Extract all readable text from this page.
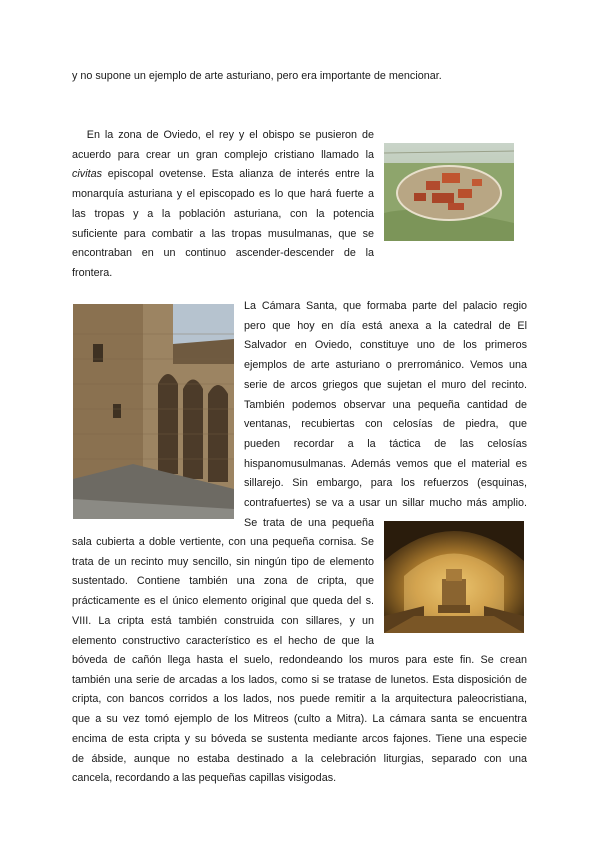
y no supone un ejemplo de arte asturiano, pero era importante de mencionar.

En la zona de Oviedo, el rey y el obispo se pusieron de
acuerdo para crear un gran complejo cristiano llamado la
civitas episcopal ovetense. Esta alianza de interés entre la
monarquía asturiana y el episcopado es lo que hará fuerte a
las tropas y a la población asturiana, con la potencia
suficiente para combatir a las tropas musulmanas, que se
encontraban en un continuo ascender-descender de la
frontera.
La Cámara Santa, que formaba parte del palacio regio
pero que hoy en día está anexa a la catedral de El
Salvador en Oviedo, constituye uno de los primeros
ejemplos de arte asturiano o prerrománico. Vemos una
serie de arcos griegos que sujetan el muro del recinto.
También podemos observar una pequeña cantidad de
ventanas, recubiertas con celosías de piedra, que
pueden recordar a la táctica de las celosías
hispanomusulmanas. Además vemos que el material es
sillarejo. Sin embargo, para los refuerzos (esquinas,
contrafuertes) se va a usar un sillar mucho más amplio.
Se trata de una pequeña
sala cubierta a doble vertiente, con una pequeña cornisa. Se
trata de un recinto muy sencillo, sin ningún tipo de elemento
sustentado. Contiene también una zona de cripta, que
prácticamente es el único elemento original que queda del s.
VIII. La cripta está también construida con sillares, y un
elemento constructivo característico es el hecho de que la
bóveda de cañón llega hasta el suelo, redondeando los muros para este fin. Se crean
también una serie de arcadas a los lados, como si se tratase de lunetos. Esta disposición de
cripta, con bancos corridos a los lados, nos puede remitir a la arquitectura paleocristiana,
que a su vez tomó ejemplo de los Mitreos (culto a Mitra). La cámara santa se encuentra
encima de esta cripta y su bóveda se sustenta mediante arcos fajones. Tiene una especie
de ábside, aunque no estaba destinado a la celebración liturgias, separado con una
cancela, recordando a las pequeñas capillas visigodas.
